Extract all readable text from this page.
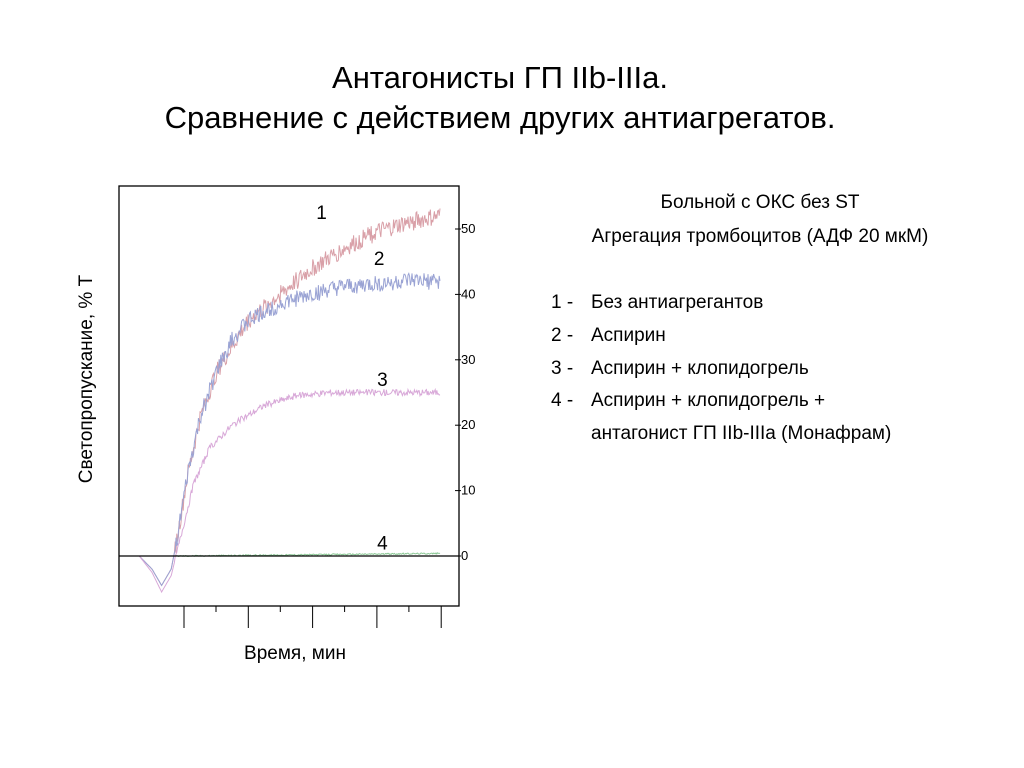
Антагонисты ГП IIb-IIIa.
Сравнение с действием других антиагрегатов.
0
10
20
30
40
50
1
2
3
4
Время, мин
Светопропускание, % Т
Больной с ОКС без ST
Агрегация тромбоцитов (АДФ 20 мкМ)
1 - Без антиагрегантов
2 - Аспирин
3 - Аспирин + клопидогрель
4 - Аспирин + клопидогрель +
антагонист ГП IIb-IIIa (Монафрам)
